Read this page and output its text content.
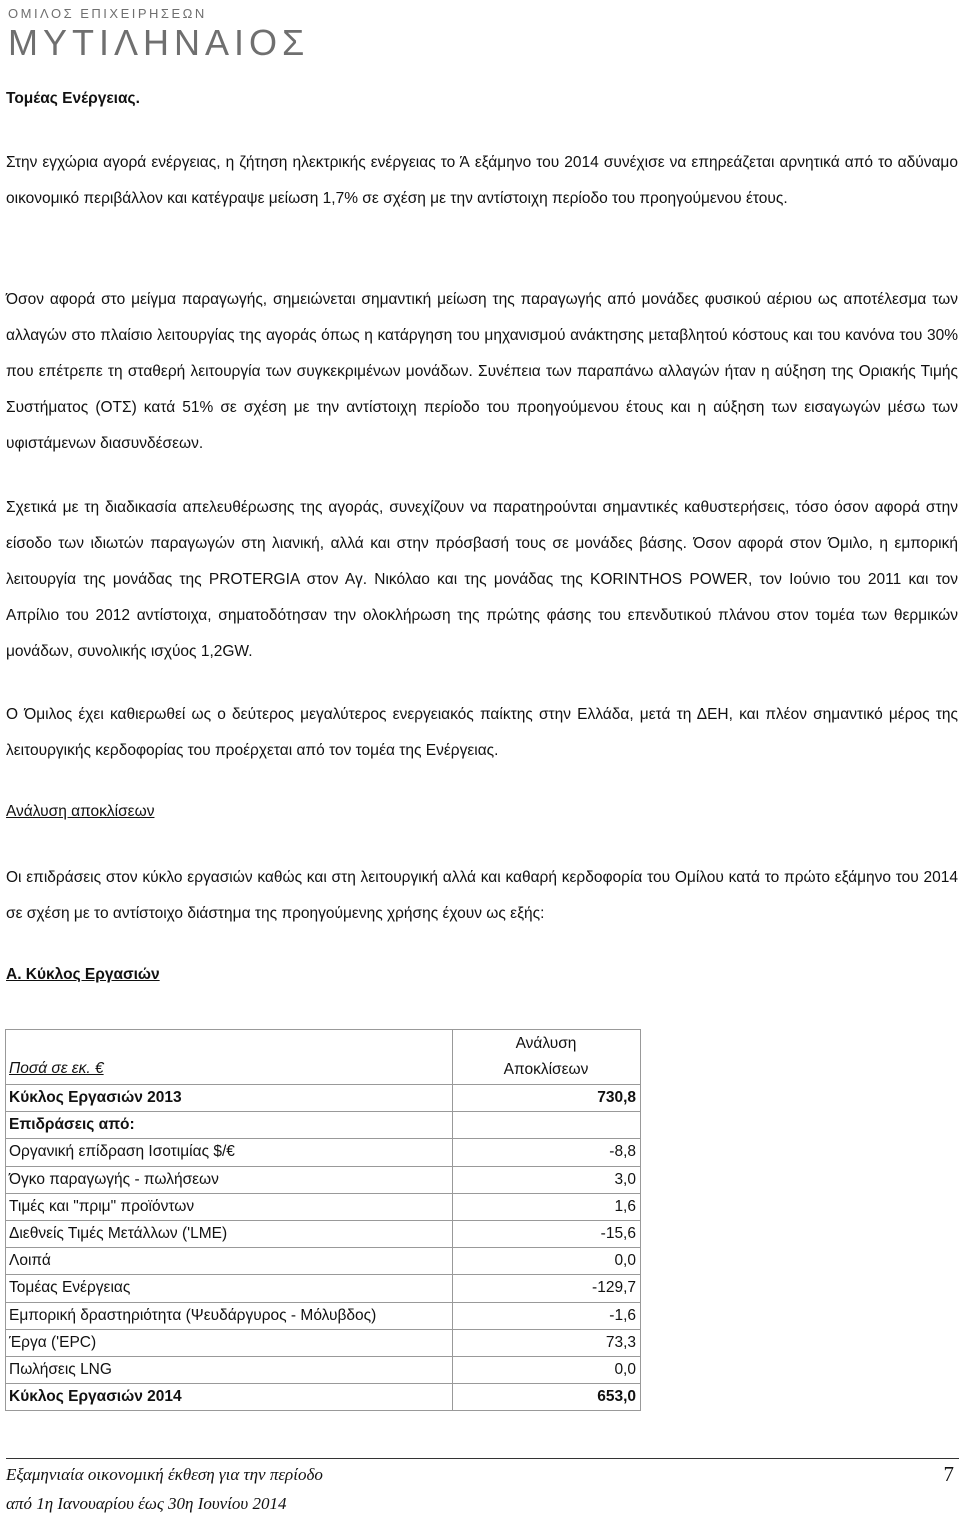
ΟΜΙΛΟΣ ΕΠΙΧΕΙΡΗΣΕΩΝ
ΜΥΤΙΛΗΝΑΙΟΣ
Τομέας Ενέργειας.
Στην εγχώρια αγορά ενέργειας, η ζήτηση ηλεκτρικής ενέργειας το Ά εξάμηνο του 2014 συνέχισε να επηρεάζεται αρνητικά από το αδύναμο οικονομικό περιβάλλον και κατέγραψε μείωση 1,7% σε σχέση με την αντίστοιχη περίοδο του προηγούμενου έτους.
Όσον αφορά στο μείγμα παραγωγής, σημειώνεται σημαντική μείωση της παραγωγής από μονάδες φυσικού αέριου ως αποτέλεσμα των αλλαγών στο πλαίσιο λειτουργίας της αγοράς όπως η κατάργηση του μηχανισμού ανάκτησης μεταβλητού κόστους και του κανόνα του 30% που επέτρεπε τη σταθερή λειτουργία των συγκεκριμένων μονάδων. Συνέπεια των παραπάνω αλλαγών ήταν η αύξηση της Οριακής Τιμής Συστήματος (ΟΤΣ) κατά 51% σε σχέση με την αντίστοιχη περίοδο του προηγούμενου έτους και η αύξηση των εισαγωγών μέσω των υφιστάμενων διασυνδέσεων.
Σχετικά με τη διαδικασία απελευθέρωσης της αγοράς, συνεχίζουν να παρατηρούνται σημαντικές καθυστερήσεις, τόσο όσον αφορά στην είσοδο των ιδιωτών παραγωγών στη λιανική, αλλά και στην πρόσβασή τους σε μονάδες βάσης. Όσον αφορά στον Όμιλο, η εμπορική λειτουργία της μονάδας της PROTERGIA στον Αγ. Νικόλαο και της μονάδας της KORINTHOS POWER, τον Ιούνιο του 2011 και τον Απρίλιο του 2012 αντίστοιχα, σηματοδότησαν την ολοκλήρωση της πρώτης φάσης του επενδυτικού πλάνου στον τομέα των θερμικών μονάδων, συνολικής ισχύος 1,2GW.
Ο Όμιλος έχει καθιερωθεί ως ο δεύτερος μεγαλύτερος ενεργειακός παίκτης στην Ελλάδα, μετά τη ΔΕΗ, και πλέον σημαντικό μέρος της λειτουργικής κερδοφορίας του προέρχεται από τον τομέα της Ενέργειας.
Ανάλυση αποκλίσεων
Οι επιδράσεις στον κύκλο εργασιών καθώς και στη λειτουργική αλλά και καθαρή κερδοφορία του Ομίλου κατά το πρώτο εξάμηνο του 2014 σε σχέση με το αντίστοιχο διάστημα της προηγούμενης χρήσης έχουν ως εξής:
Α. Κύκλος Εργασιών
Ποσά σε εκ. €	Ανάλυση
Αποκλίσεων
Κύκλος Εργασιών 2013	730,8
Επιδράσεις από:	
Οργανική επίδραση Ισοτιμίας $/€	-8,8
Όγκο παραγωγής - πωλήσεων	3,0
Τιμές και "πριμ" προϊόντων	1,6
Διεθνείς Τιμές Μετάλλων ('LME)	-15,6
Λοιπά	0,0
Τομέας Ενέργειας	-129,7
Εμπορική δραστηριότητα (Ψευδάργυρος - Μόλυβδος)	-1,6
Έργα ('EPC)	73,3
Πωλήσεις LNG	0,0
Κύκλος Εργασιών 2014	653,0
Εξαμηνιαία οικονομική έκθεση για την περίοδο
από 1η Ιανουαρίου έως 30η Ιουνίου 2014
7
